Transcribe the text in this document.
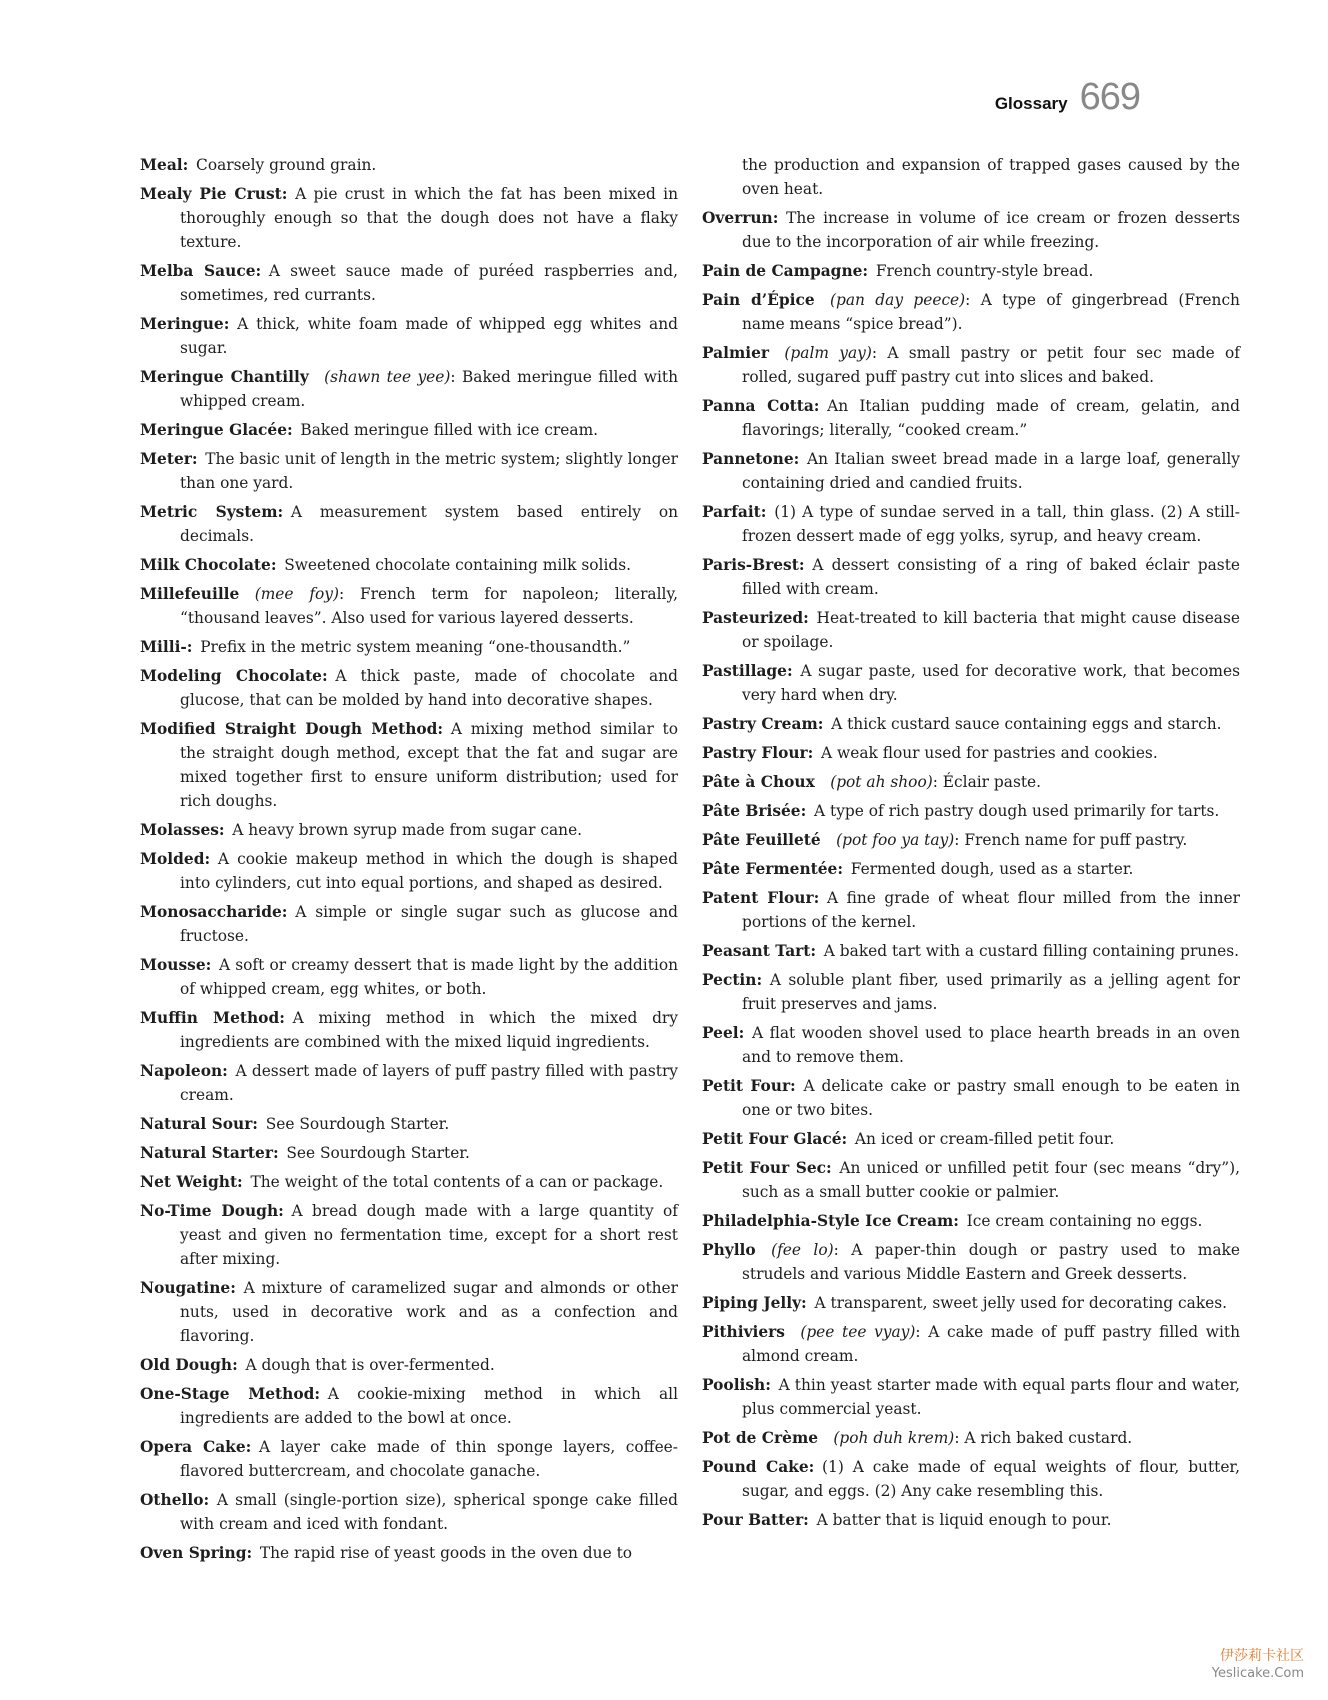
Glossary 669
Meal:  Coarsely ground grain.
Mealy Pie Crust:  A pie crust in which the fat has been mixed in thoroughly enough so that the dough does not have a flaky texture.
Melba Sauce:  A sweet sauce made of puréed raspberries and, sometimes, red currants.
Meringue:  A thick, white foam made of whipped egg whites and sugar.
Meringue Chantilly  (shawn tee yee): Baked meringue filled with whipped cream.
Meringue Glacée:  Baked meringue filled with ice cream.
Meter:  The basic unit of length in the metric system; slightly longer than one yard.
Metric System:  A measurement system based entirely on decimals.
Milk Chocolate:  Sweetened chocolate containing milk solids.
Millefeuille  (mee foy): French term for napoleon; literally, “thousand leaves”. Also used for various layered desserts.
Milli-:  Prefix in the metric system meaning “one-thousandth.”
Modeling Chocolate:  A thick paste, made of chocolate and glucose, that can be molded by hand into decorative shapes.
Modified Straight Dough Method:  A mixing method similar to the straight dough method, except that the fat and sugar are mixed together first to ensure uniform distribution; used for rich doughs.
Molasses:  A heavy brown syrup made from sugar cane.
Molded:  A cookie makeup method in which the dough is shaped into cylinders, cut into equal portions, and shaped as desired.
Monosaccharide:  A simple or single sugar such as glucose and fructose.
Mousse:  A soft or creamy dessert that is made light by the addition of whipped cream, egg whites, or both.
Muffin Method:  A mixing method in which the mixed dry ingredients are combined with the mixed liquid ingredients.
Napoleon:  A dessert made of layers of puff pastry filled with pastry cream.
Natural Sour:  See Sourdough Starter.
Natural Starter:  See Sourdough Starter.
Net Weight:  The weight of the total contents of a can or package.
No-Time Dough:  A bread dough made with a large quantity of yeast and given no fermentation time, except for a short rest after mixing.
Nougatine:  A mixture of caramelized sugar and almonds or other nuts, used in decorative work and as a confection and flavoring.
Old Dough:  A dough that is over-fermented.
One-Stage Method:  A cookie-mixing method in which all ingredients are added to the bowl at once.
Opera Cake:  A layer cake made of thin sponge layers, coffee-flavored buttercream, and chocolate ganache.
Othello:  A small (single-portion size), spherical sponge cake filled with cream and iced with fondant.
Oven Spring:  The rapid rise of yeast goods in the oven due to
the production and expansion of trapped gases caused by the oven heat.
Overrun:  The increase in volume of ice cream or frozen desserts due to the incorporation of air while freezing.
Pain de Campagne:  French country-style bread.
Pain d’Épice  (pan day peece): A type of gingerbread (French name means “spice bread”).
Palmier  (palm yay): A small pastry or petit four sec made of rolled, sugared puff pastry cut into slices and baked.
Panna Cotta:  An Italian pudding made of cream, gelatin, and flavorings; literally, “cooked cream.”
Pannetone:  An Italian sweet bread made in a large loaf, generally containing dried and candied fruits.
Parfait:  (1) A type of sundae served in a tall, thin glass. (2) A still-frozen dessert made of egg yolks, syrup, and heavy cream.
Paris-Brest:  A dessert consisting of a ring of baked éclair paste filled with cream.
Pasteurized:  Heat-treated to kill bacteria that might cause disease or spoilage.
Pastillage:  A sugar paste, used for decorative work, that becomes very hard when dry.
Pastry Cream:  A thick custard sauce containing eggs and starch.
Pastry Flour:  A weak flour used for pastries and cookies.
Pâte à Choux  (pot ah shoo): Éclair paste.
Pâte Brisée:  A type of rich pastry dough used primarily for tarts.
Pâte Feuilleté  (pot foo ya tay): French name for puff pastry.
Pâte Fermentée:  Fermented dough, used as a starter.
Patent Flour:  A fine grade of wheat flour milled from the inner portions of the kernel.
Peasant Tart:  A baked tart with a custard filling containing prunes.
Pectin:  A soluble plant fiber, used primarily as a jelling agent for fruit preserves and jams.
Peel:  A flat wooden shovel used to place hearth breads in an oven and to remove them.
Petit Four:  A delicate cake or pastry small enough to be eaten in one or two bites.
Petit Four Glacé:  An iced or cream-filled petit four.
Petit Four Sec:  An uniced or unfilled petit four (sec means “dry”), such as a small butter cookie or palmier.
Philadelphia-Style Ice Cream:  Ice cream containing no eggs.
Phyllo  (fee lo): A paper-thin dough or pastry used to make strudels and various Middle Eastern and Greek desserts.
Piping Jelly:  A transparent, sweet jelly used for decorating cakes.
Pithiviers  (pee tee vyay): A cake made of puff pastry filled with almond cream.
Poolish:  A thin yeast starter made with equal parts flour and water, plus commercial yeast.
Pot de Crème  (poh duh krem): A rich baked custard.
Pound Cake:  (1) A cake made of equal weights of flour, butter, sugar, and eggs. (2) Any cake resembling this.
Pour Batter:  A batter that is liquid enough to pour.
伊莎莉卡社区
Yeslicake.Com
